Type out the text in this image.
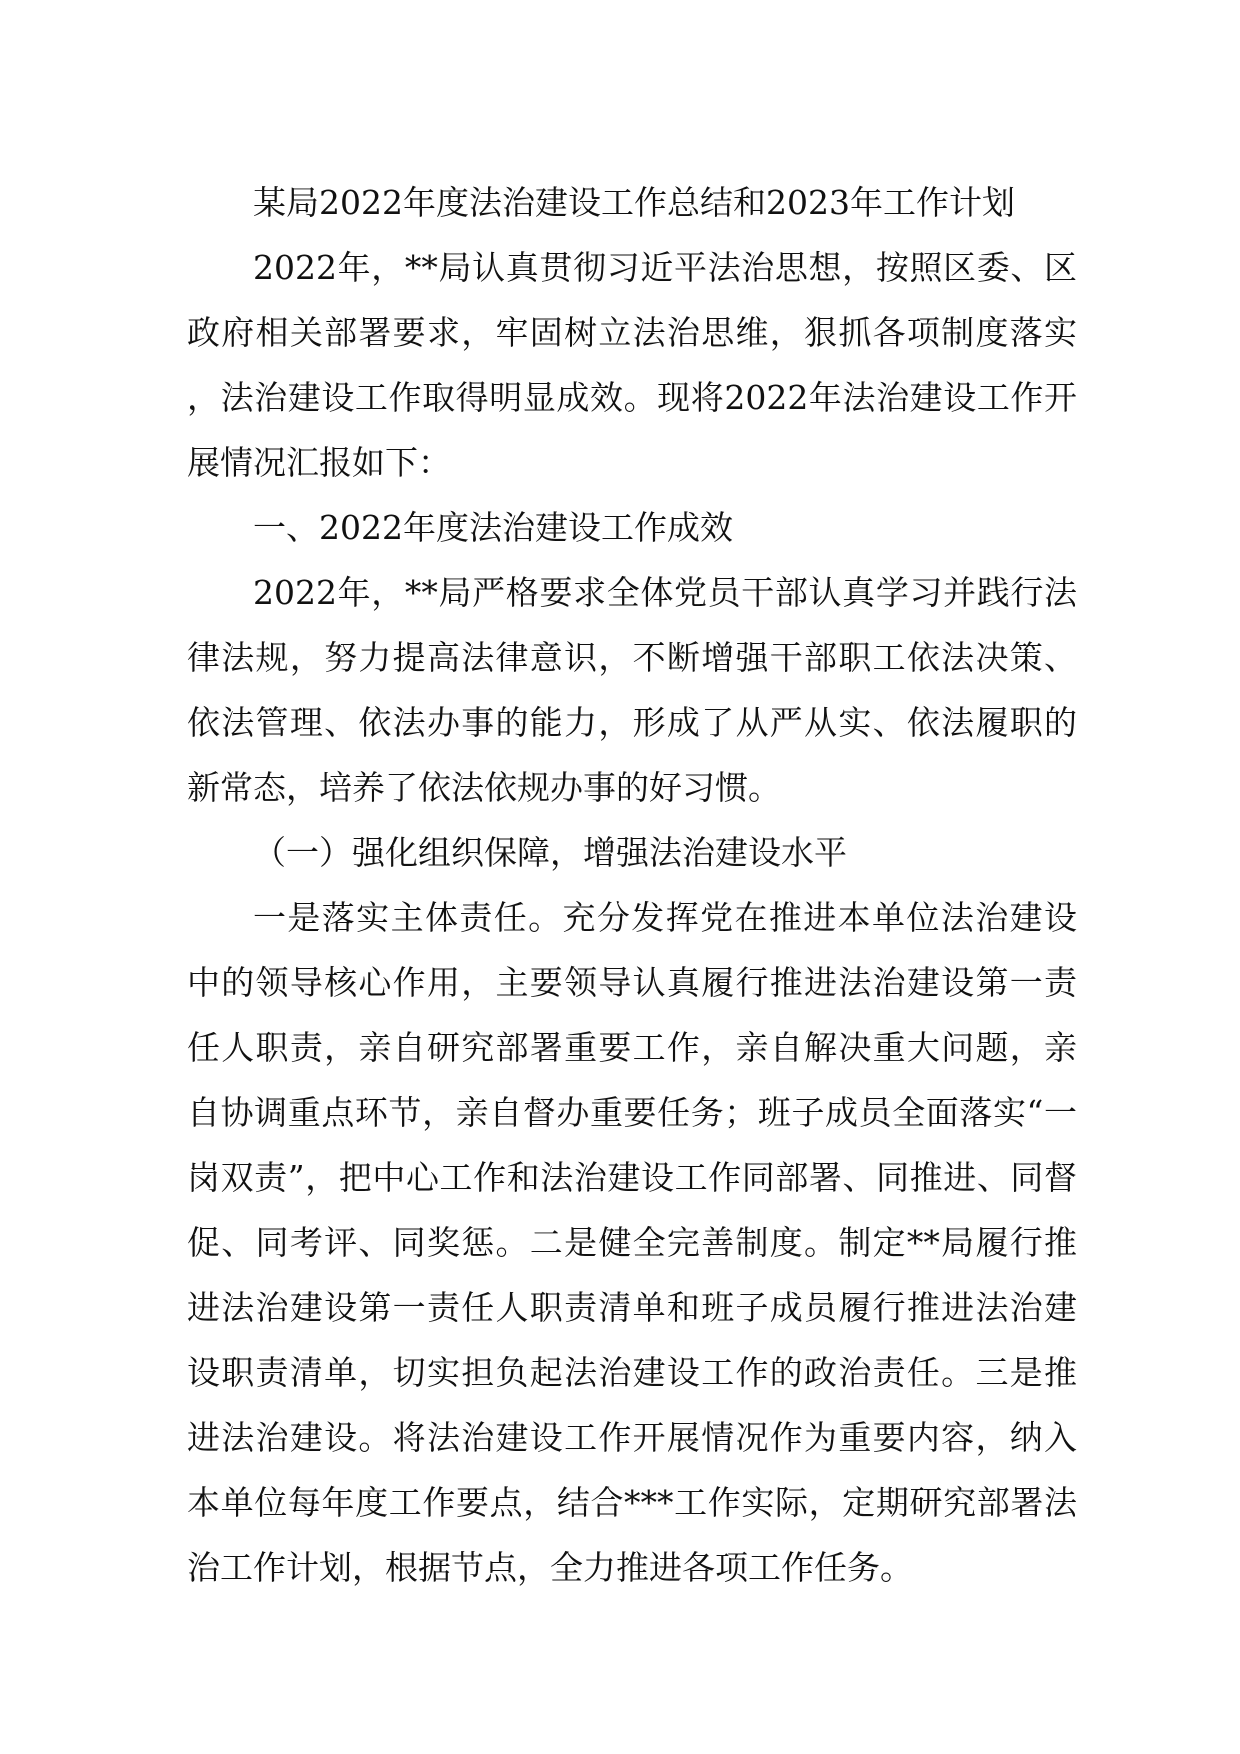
某局2022年度法治建设工作总结和2023年工作计划

2022年，**局认真贯彻习近平法治思想，按照区委、区政府相关部署要求，牢固树立法治思维，狠抓各项制度落实，法治建设工作取得明显成效。现将2022年法治建设工作开展情况汇报如下：

一、2022年度法治建设工作成效

2022年，**局严格要求全体党员干部认真学习并践行法律法规，努力提高法律意识，不断增强干部职工依法决策、依法管理、依法办事的能力，形成了从严从实、依法履职的新常态，培养了依法依规办事的好习惯。

（一）强化组织保障，增强法治建设水平

一是落实主体责任。充分发挥党在推进本单位法治建设中的领导核心作用，主要领导认真履行推进法治建设第一责任人职责，亲自研究部署重要工作，亲自解决重大问题，亲自协调重点环节，亲自督办重要任务；班子成员全面落实“一岗双责”，把中心工作和法治建设工作同部署、同推进、同督促、同考评、同奖惩。二是健全完善制度。制定**局履行推进法治建设第一责任人职责清单和班子成员履行推进法治建设职责清单，切实担负起法治建设工作的政治责任。三是推进法治建设。将法治建设工作开展情况作为重要内容，纳入本单位每年度工作要点，结合***工作实际，定期研究部署法治工作计划，根据节点，全力推进各项工作任务。
